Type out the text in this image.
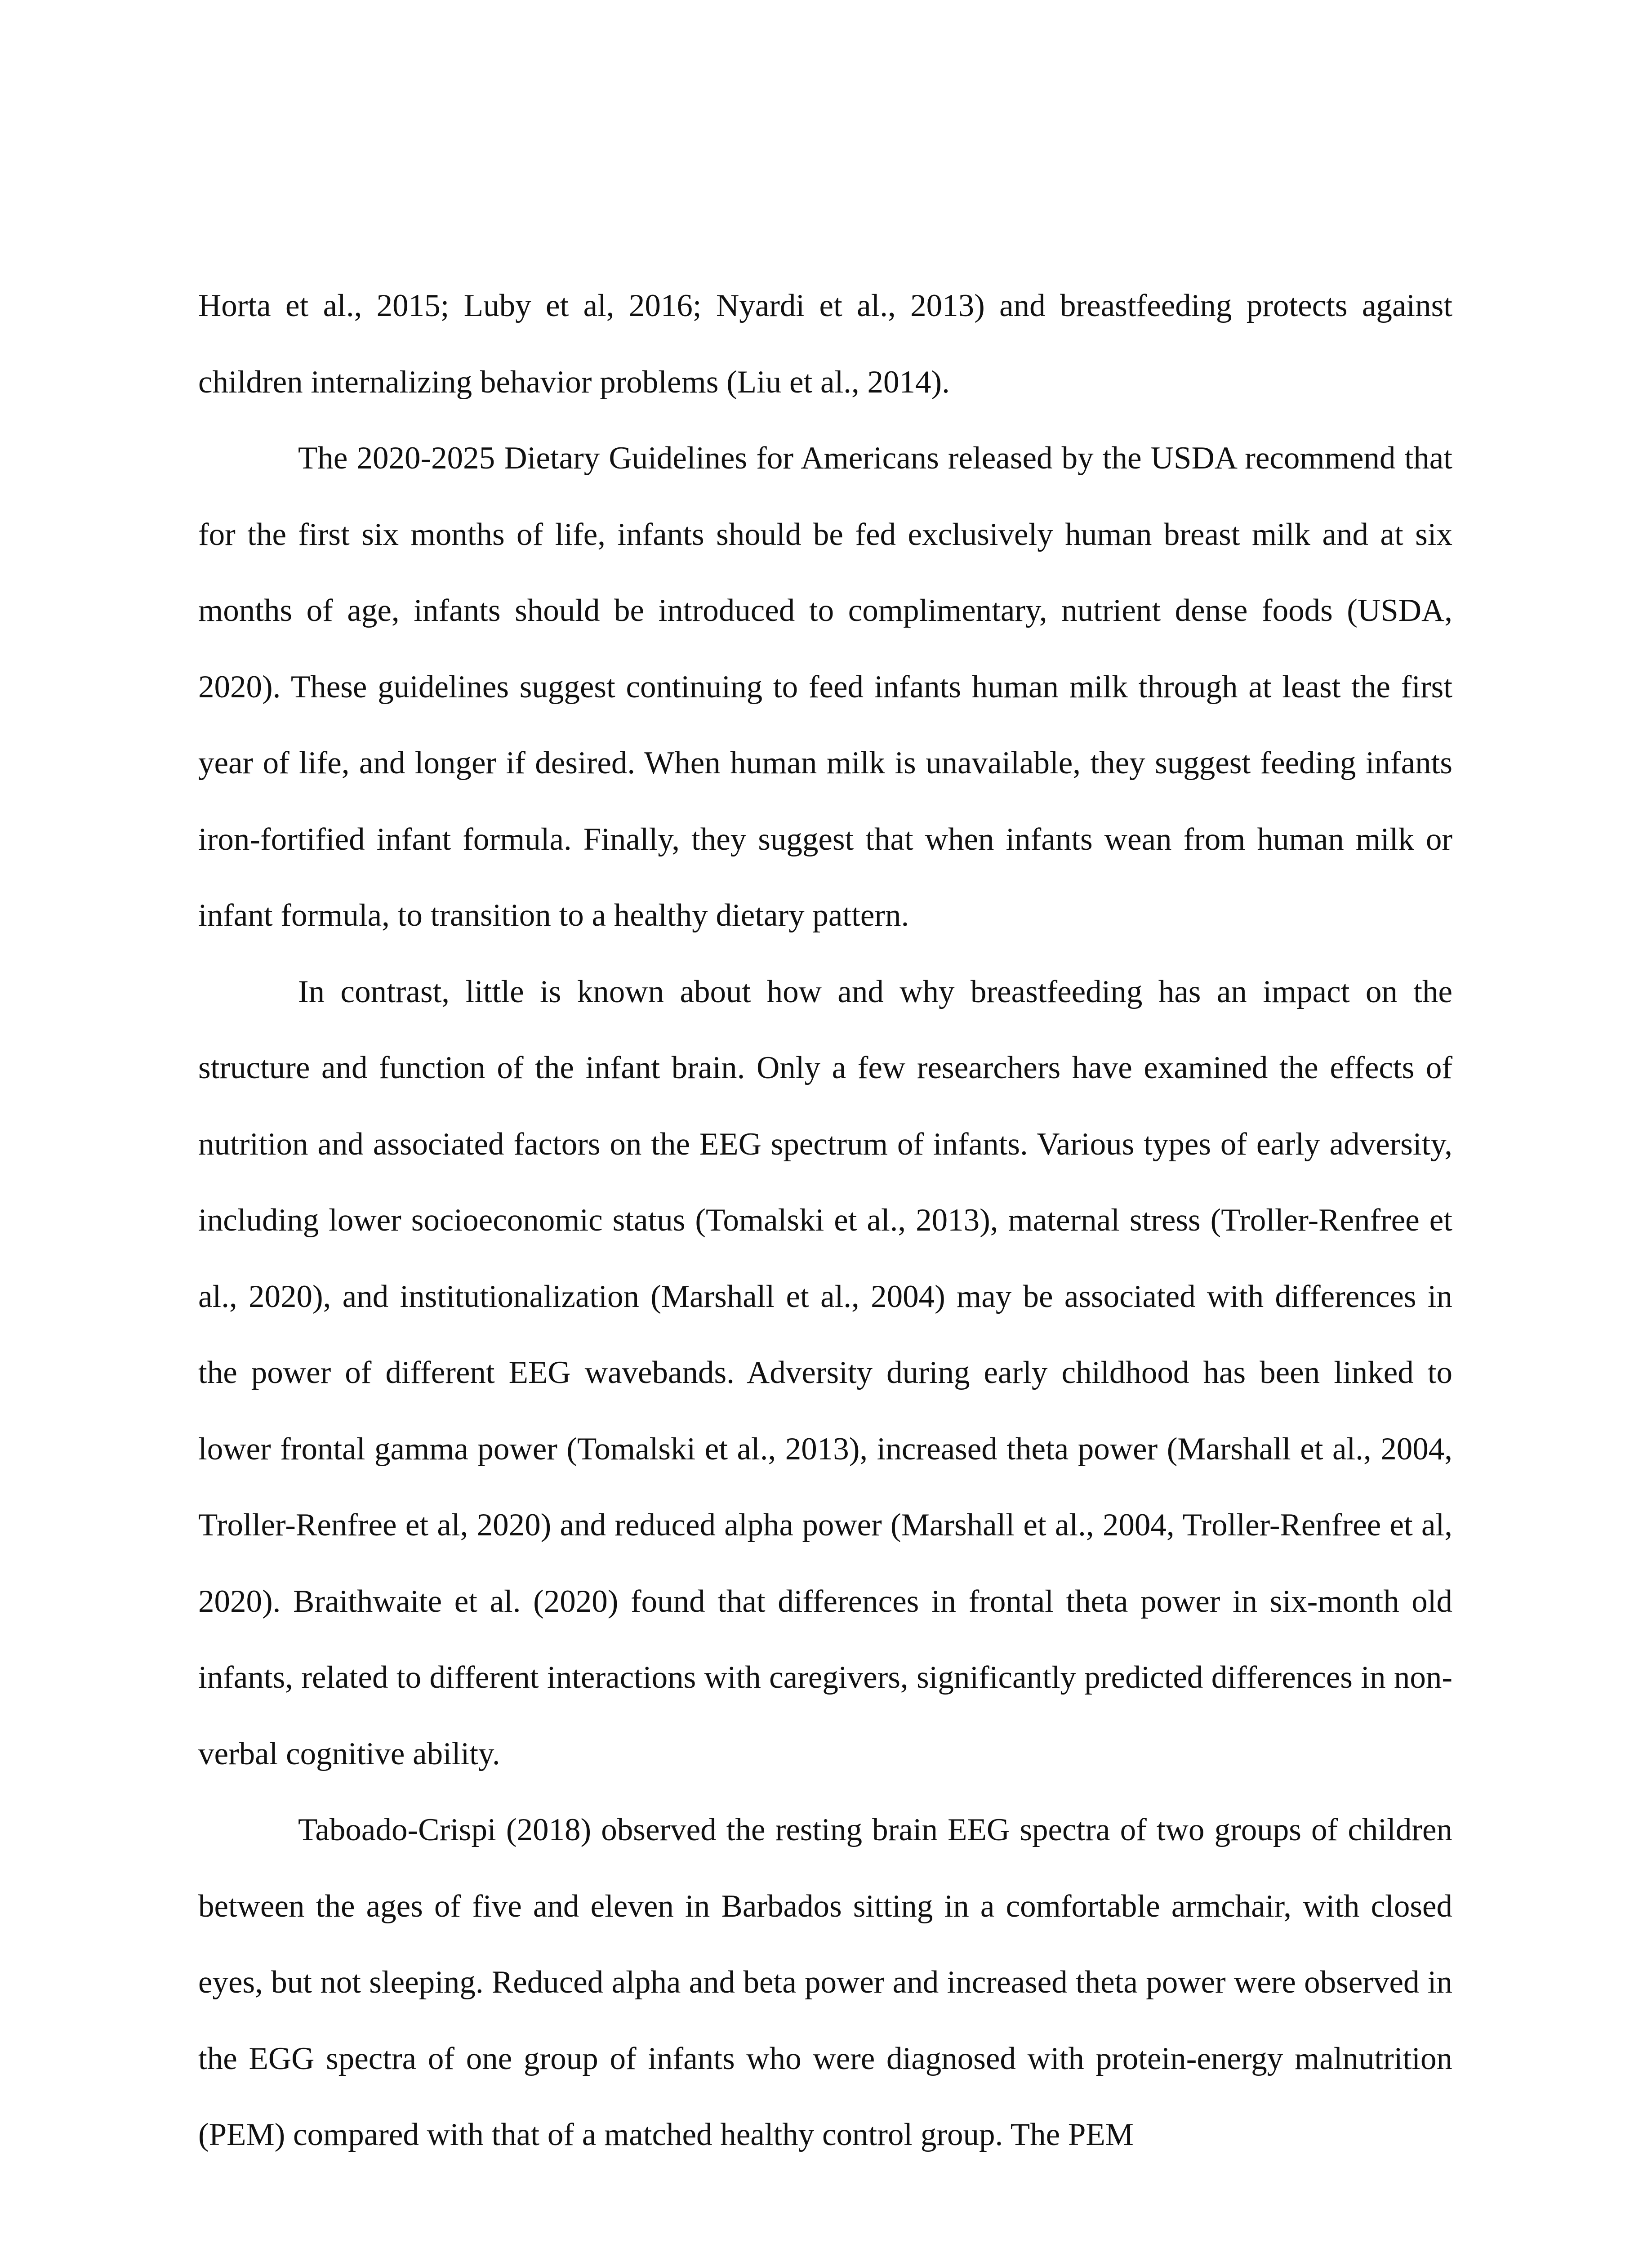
Horta et al., 2015; Luby et al, 2016; Nyardi et al., 2013) and breastfeeding protects against children internalizing behavior problems (Liu et al., 2014).

The 2020-2025 Dietary Guidelines for Americans released by the USDA recommend that for the first six months of life, infants should be fed exclusively human breast milk and at six months of age, infants should be introduced to complimentary, nutrient dense foods (USDA, 2020). These guidelines suggest continuing to feed infants human milk through at least the first year of life, and longer if desired. When human milk is unavailable, they suggest feeding infants iron-fortified infant formula. Finally, they suggest that when infants wean from human milk or infant formula, to transition to a healthy dietary pattern.

In contrast, little is known about how and why breastfeeding has an impact on the structure and function of the infant brain. Only a few researchers have examined the effects of nutrition and associated factors on the EEG spectrum of infants. Various types of early adversity, including lower socioeconomic status (Tomalski et al., 2013), maternal stress (Troller-Renfree et al., 2020), and institutionalization (Marshall et al., 2004) may be associated with differences in the power of different EEG wavebands. Adversity during early childhood has been linked to lower frontal gamma power (Tomalski et al., 2013), increased theta power (Marshall et al., 2004, Troller-Renfree et al, 2020) and reduced alpha power (Marshall et al., 2004, Troller-Renfree et al, 2020). Braithwaite et al. (2020) found that differences in frontal theta power in six-month old infants, related to different interactions with caregivers, significantly predicted differences in non-verbal cognitive ability.

Taboado-Crispi (2018) observed the resting brain EEG spectra of two groups of children between the ages of five and eleven in Barbados sitting in a comfortable armchair, with closed eyes, but not sleeping. Reduced alpha and beta power and increased theta power were observed in the EGG spectra of one group of infants who were diagnosed with protein-energy malnutrition (PEM) compared with that of a matched healthy control group. The PEM
